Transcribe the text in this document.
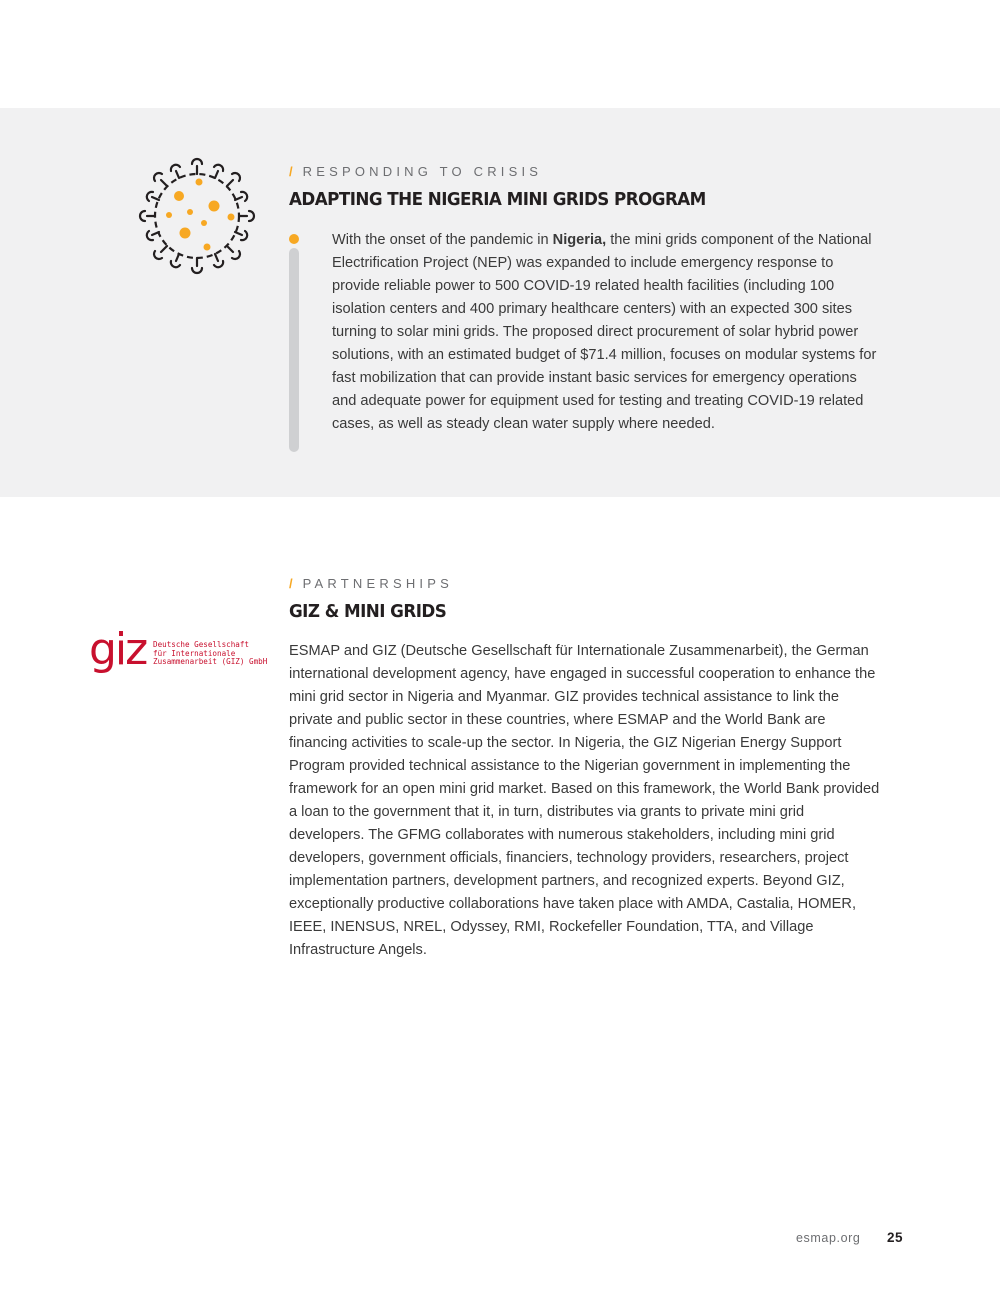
/ RESPONDING TO CRISIS
ADAPTING THE NIGERIA MINI GRIDS PROGRAM

With the onset of the pandemic in Nigeria, the mini grids component of the National Electrification Project (NEP) was expanded to include emergency response to provide reliable power to 500 COVID-19 related health facilities (including 100 isolation centers and 400 primary healthcare centers) with an expected 300 sites turning to solar mini grids. The proposed direct procurement of solar hybrid power solutions, with an estimated budget of $71.4 million, focuses on modular systems for fast mobilization that can provide instant basic services for emergency operations and adequate power for equipment used for testing and treating COVID-19 related cases, as well as steady clean water supply where needed.

/ PARTNERSHIPS
GIZ & MINI GRIDS
giz Deutsche Gesellschaft
für Internationale
Zusammenarbeit (GIZ) GmbH

ESMAP and GIZ (Deutsche Gesellschaft für Internationale Zusammenarbeit), the German international development agency, have engaged in successful cooperation to enhance the mini grid sector in Nigeria and Myanmar. GIZ provides technical assistance to link the private and public sector in these countries, where ESMAP and the World Bank are financing activities to scale-up the sector. In Nigeria, the GIZ Nigerian Energy Support Program provided technical assistance to the Nigerian government in implementing the framework for an open mini grid market. Based on this framework, the World Bank provided a loan to the government that it, in turn, distributes via grants to private mini grid developers. The GFMG collaborates with numerous stakeholders, including mini grid developers, government officials, financiers, technology providers, researchers, project implementation partners, development partners, and recognized experts. Beyond GIZ, exceptionally productive collaborations have taken place with AMDA, Castalia, HOMER, IEEE, INENSUS, NREL, Odyssey, RMI, Rockefeller Foundation, TTA, and Village Infrastructure Angels.

esmap.org 25
